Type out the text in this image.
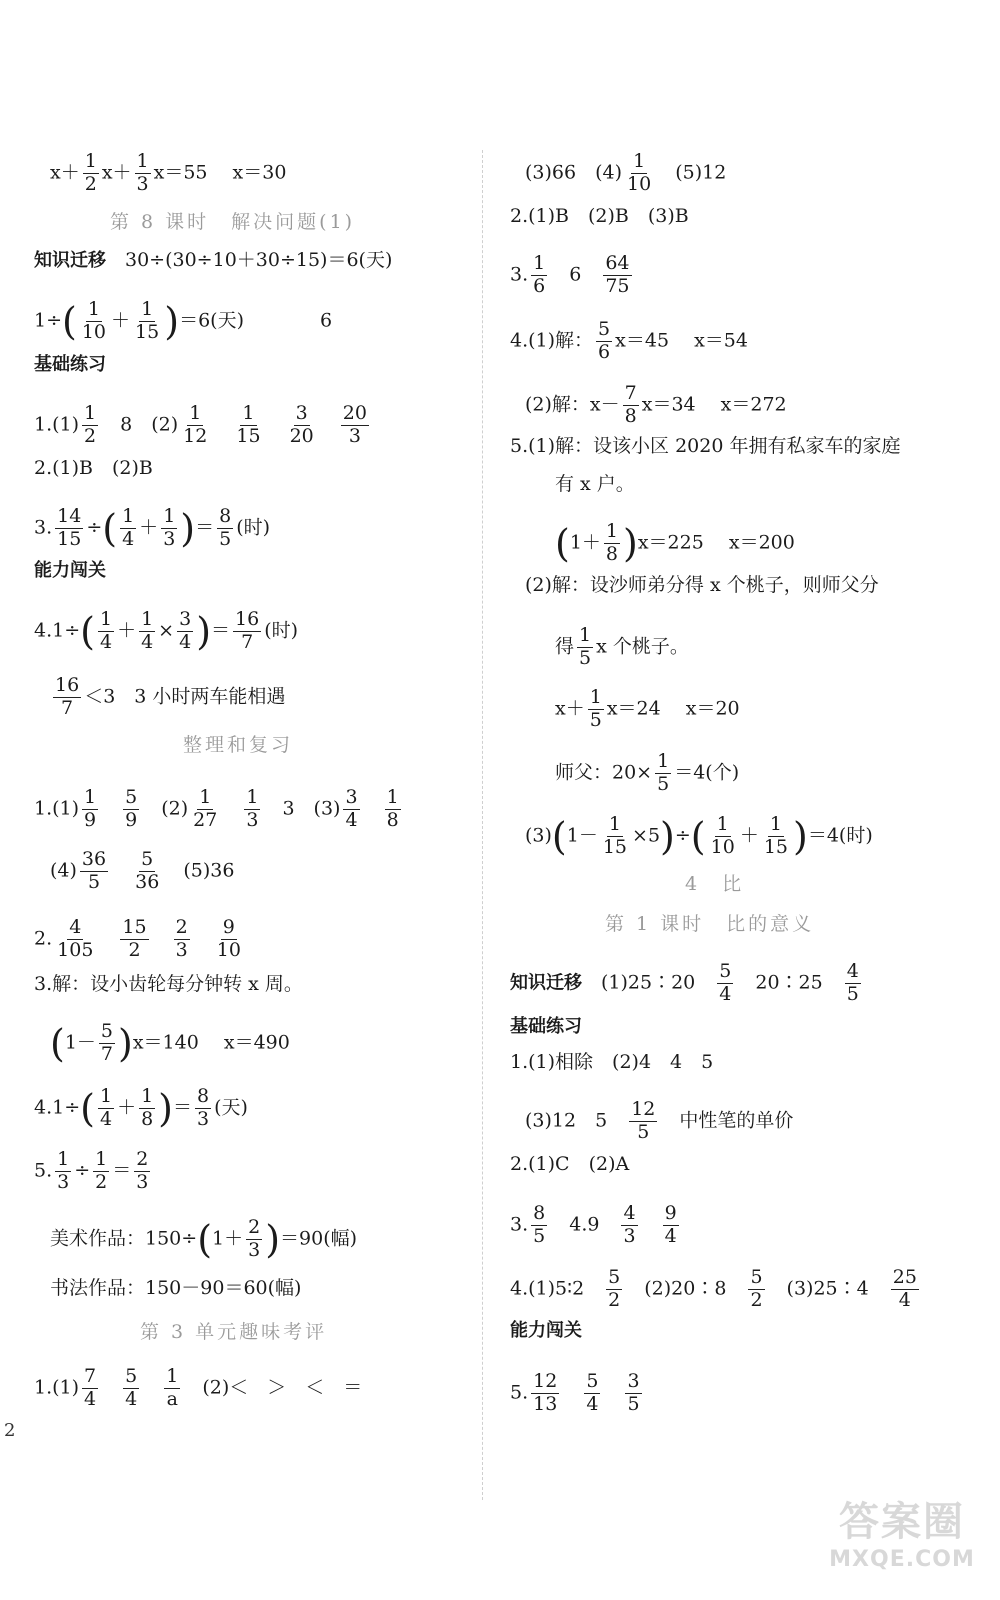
$x+ \frac{1}{2} x+ \frac{1}{3} x=55$　 x＝30
第 8 课时　解决问题(1)
知识迁移　30÷(30÷10＋30÷15)＝6(天)
$1\div( \frac{1}{10} + \frac{1}{15} )=6$(天)　　　　6
基础练习
$1.(1) \frac{1}{2}$ 　8　$(2) \frac{1}{12}$
　 $\frac{1}{15}$
　 $\frac{3}{20}$
　 $\frac{20}{3}$
2.(1)B　(2)B
3. $\frac{14}{15}$ ÷( $\frac{1}{4} + \frac{1}{3}$ )＝ $\frac{8}{5}$ (时)
能力闯关
$4.1\div( \frac{1}{4} + \frac{1}{4} \times \frac{3}{4}$ )＝ $\frac{16}{7}$ (时)
$\frac{16}{7} <3$　3 小时两车能相遇
整理和复习
$1.(1) \frac{1}{9}$
　 $\frac{5}{9}$ 　$(2) \frac{1}{27}$
　 $\frac{1}{3}$ 　3　$(3) \frac{3}{4}$
　 $\frac{1}{8}$
$(4) \frac{36}{5}$
　 $\frac{5}{36}$ 　(5)36
2. $\frac{4}{105}$
　 $\frac{15}{2}$
　 $\frac{2}{3}$
　 $\frac{9}{10}$
3.解：设小齿轮每分钟转 x 周。
$(1- \frac{5}{7} )x=140$　 x＝490
$4.1\div( \frac{1}{4} + \frac{1}{8}$ )＝ $\frac{8}{3}$ (天)
5. $\frac{1}{3} \div \frac{1}{2} = \frac{2}{3}$
美术作品：$150\div(1+ \frac{2}{3} )=90$(幅)
书法作品：150－90＝60(幅)
第 3 单元趣味考评
$1.(1) \frac{7}{4}$
　 $\frac{5}{4}$
　 $\frac{1}{a}$ 　(2)＜　＞　＜　＝
(3)66　$(4) \frac{1}{10}$ 　(5)12
2.(1)B　(2)B　(3)B
3. $\frac{1}{6}$ 　6　 $\frac{64}{75}$
4.(1)解： $\frac{5}{6} x=45$　 x＝54
(2)解：$x- \frac{7}{8} x=34$　 x＝272
5.(1)解：设该小区 2020 年拥有私家车的家庭
有 x 户。
$(1+ \frac{1}{8} )x=225$　 x＝200
(2)解：设沙师弟分得 x 个桃子，则师父分
得 $\frac{1}{5}$ x 个桃子。
$x+ \frac{1}{5} x=24$　 x＝20
师父：$20\times \frac{1}{5} =4$(个)
$(3)(1- \frac{1}{15} \times 5)\div( \frac{1}{10} + \frac{1}{15} )=4$(时)
4　比
第 1 课时　比的意义
知识迁移　(1)25∶20　 $\frac{5}{4}$ 　20∶25　 $\frac{4}{5}$
基础练习
1.(1)相除　(2)4　4　5
(3)12　5　 $\frac{12}{5}$ 　中性笔的单价
2.(1)C　(2)A
3. $\frac{8}{5}$ 　4.9　 $\frac{4}{3}$
　 $\frac{9}{4}$
4.(1)5∶2　 $\frac{5}{2}$ 　(2)20∶8　 $\frac{5}{2}$ 　(3)25∶4　 $\frac{25}{4}$
能力闯关
5. $\frac{12}{13}$
　 $\frac{5}{4}$
　 $\frac{3}{5}$
2
答案圈
MXQE.COM
